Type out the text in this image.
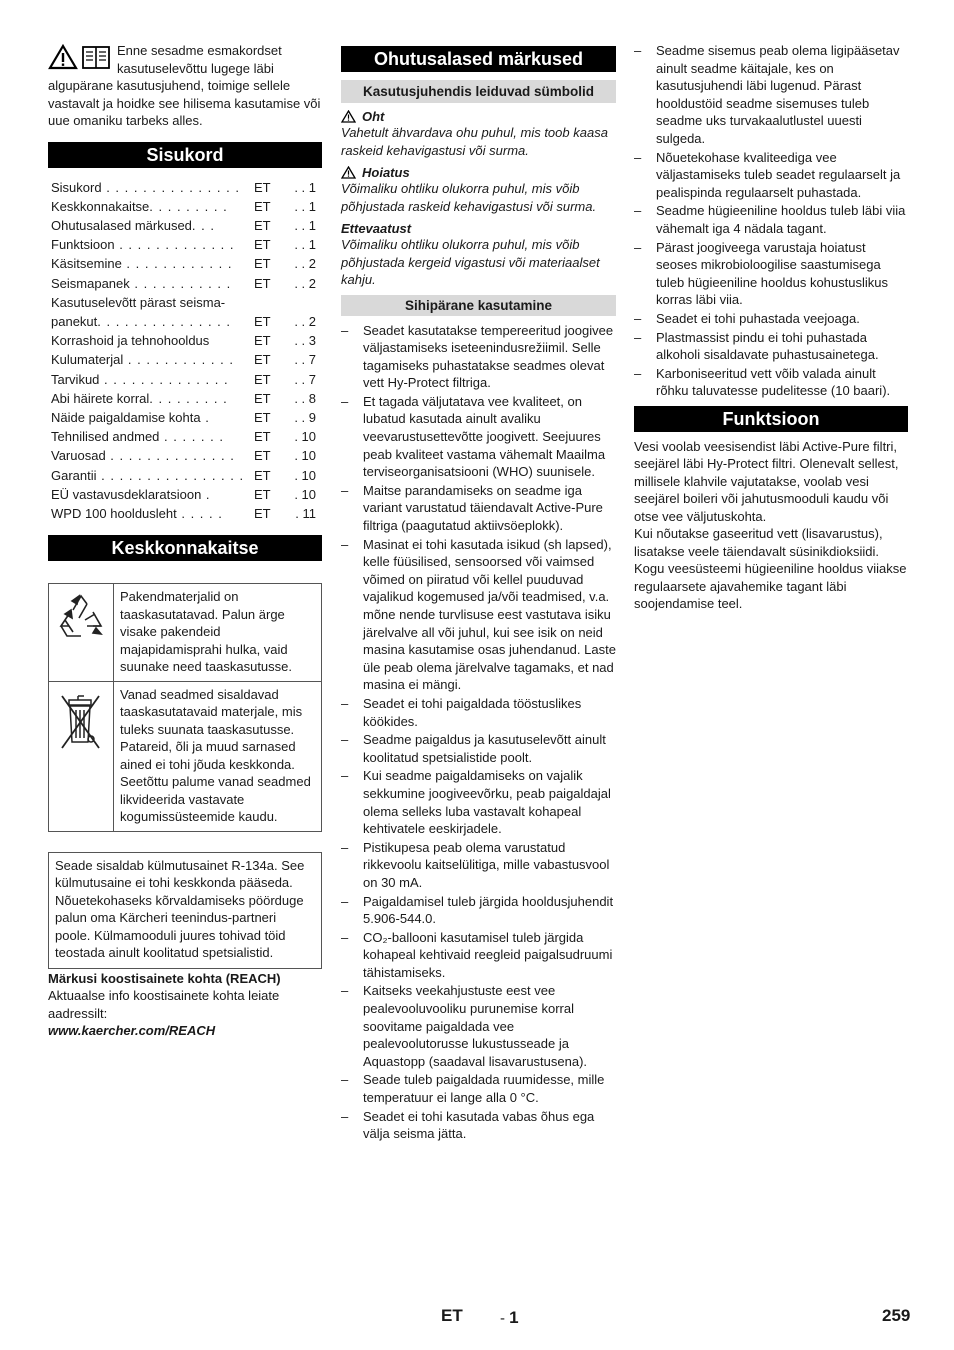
Enne sesadme esmakordset kasutuselevõttu lugege läbi algupärane kasutusjuhend, toimige sellele vastavalt ja hoidke see hilisema kasutamise või uue omaniku tarbeks alles.

Sisukord
Sisukord . . . . . . . . . . . . . . .	ET	. . 1
Keskkonnakaitse. . . . . . . . .	ET	. . 1
Ohutusalased märkused. . .	ET	. . 1
Funktsioon . . . . . . . . . . . . .	ET	. . 1
Käsitsemine . . . . . . . . . . . .	ET	. . 2
Seismapanek . . . . . . . . . . .	ET	. . 2
Kasutuselevõtt pärast seisma-panekut. . . . . . . . . . . . . . .	ET	. . 2
Korrashoid ja tehnohooldus	ET	. . 3
Kulumaterjal . . . . . . . . . . . .	ET	. . 7
Tarvikud . . . . . . . . . . . . . .	ET	. . 7
Abi häirete korral. . . . . . . . .	ET	. . 8
Näide paigaldamise kohta .	ET	. . 9
Tehnilised andmed . . . . . . .	ET	. 10
Varuosad . . . . . . . . . . . . . .	ET	. 10
Garantii . . . . . . . . . . . . . . . .	ET	. 10
EÜ vastavusdeklaratsioon .	ET	. 10
WPD 100 hooldusleht . . . . .	ET	. 11
Keskkonnakaitse
	Pakendmaterjalid on taaskasutatavad. Palun ärge visake pakendeid majapidamisprahi hulka, vaid suunake need taaskasutusse.
	Vanad seadmed sisaldavad taaskasutatavaid materjale, mis tuleks suunata taaskasutusse. Patareid, õli ja muud sarnased ained ei tohi jõuda keskkonda. Seetõttu palume vanad seadmed likvideerida vastavate kogumissüsteemide kaudu.
Seade sisaldab külmutusainet R-134a. See külmutusaine ei tohi keskkonda pääseda. Nõuetekohaseks kõrvaldamiseks pöörduge palun oma Kärcheri teenindus-partneri poole. Külmamooduli juures tohivad töid teostada ainult koolitatud spetsialistid.

Märkusi koostisainete kohta (REACH)

Aktuaalse info koostisainete kohta leiate aadressilt:

www.kaercher.com/REACH

Ohutusalased märkused
Kasutusjuhendis leiduvad sümbolid
Oht

Vahetult ähvardava ohu puhul, mis toob kaasa raskeid kehavigastusi või surma.

Hoiatus

Võimaliku ohtliku olukorra puhul, mis võib põhjustada raskeid kehavigastusi või surma.

Ettevaatust

Võimaliku ohtliku olukorra puhul, mis võib põhjustada kergeid vigastusi või materiaalset kahju.

Sihipärane kasutamine
– Seadet kasutatakse tempereeritud joogivee väljastamiseks iseteenindusrežiimil. Selle tagamiseks puhastatakse seadmes olevat vett Hy-Protect filtriga.
– Et tagada väljutatava vee kvaliteet, on lubatud kasutada ainult avaliku veevarustusettevõtte joogivett. Seejuures peab kvaliteet vastama vähemalt Maailma terviseorganisatsiooni (WHO) suunisele.
– Maitse parandamiseks on seadme iga variant varustatud täiendavalt Active-Pure filtriga (paagutatud aktiivsöeplokk).
– Masinat ei tohi kasutada isikud (sh lapsed), kelle füüsilised, sensoorsed või vaimsed võimed on piiratud või kellel puuduvad vajalikud kogemused ja/või teadmised, v.a. mõne nende turvlisuse eest vastutava isiku järelvalve all või juhul, kui see isik on neid masina kasutamise osas juhendanud. Laste üle peab olema järelvalve tagamaks, et nad masina ei mängi.
– Seadet ei tohi paigaldada tööstuslikes köökides.
– Seadme paigaldus ja kasutuselevõtt ainult koolitatud spetsialistide poolt.
– Kui seadme paigaldamiseks on vajalik sekkumine joogiveevõrku, peab paigaldajal olema selleks luba vastavalt kohapeal kehtivatele eeskirjadele.
– Pistikupesa peab olema varustatud rikkevoolu kaitselülitiga, mille vabastusvool on 30 mA.
– Paigaldamisel tuleb järgida hooldusjuhendit 5.906-544.0.
– CO₂-ballooni kasutamisel tuleb järgida kohapeal kehtivaid reegleid paigalsudruumi tähistamiseks.
– Kaitseks veekahjustuste eest vee pealevooluvooliku purunemise korral soovitame paigaldada vee pealevoolutorusse lukustusseade ja Aquastopp (saadaval lisavarustusena).
– Seade tuleb paigaldada ruumidesse, mille temperatuur ei lange alla 0 °C.
– Seadet ei tohi kasutada vabas õhus ega välja seisma jätta.
– Seadme sisemus peab olema ligipääsetav ainult seadme käitajale, kes on kasutusjuhendi läbi lugenud. Pärast hooldustöid seadme sisemuses tuleb seadme uks turvakaalutlustel uuesti sulgeda.
– Nõuetekohase kvaliteediga vee väljastamiseks tuleb seadet regulaarselt ja pealispinda regulaarselt puhastada.
– Seadme hügieeniline hooldus tuleb läbi viia vähemalt iga 4 nädala tagant.
– Pärast joogiveega varustaja hoiatust seoses mikrobioloogilise saastumisega tuleb hügieeniline hooldus kohustuslikus korras läbi viia.
– Seadet ei tohi puhastada veejoaga.
– Plastmassist pindu ei tohi puhastada alkoholi sisaldavate puhastusainetega.
– Karboniseeritud vett võib valada ainult rõhku taluvatesse pudelitesse (10 baari).
Funktsioon

Vesi voolab veesisendist läbi Active-Pure filtri, seejärel läbi Hy-Protect filtri. Olenevalt sellest, millisele klahvile vajutatakse, voolab vesi seejärel boileri või jahutusmooduli kaudu või otse vee väljutuskohta.

Kui nõutakse gaseeritud vett (lisavarustus), lisatakse veele täiendavalt süsinikdioksiidi. Kogu veesüsteemi hügieeniline hooldus viiakse regulaarsete ajavahemike tagant läbi soojendamise teel.

ET - 1	259
